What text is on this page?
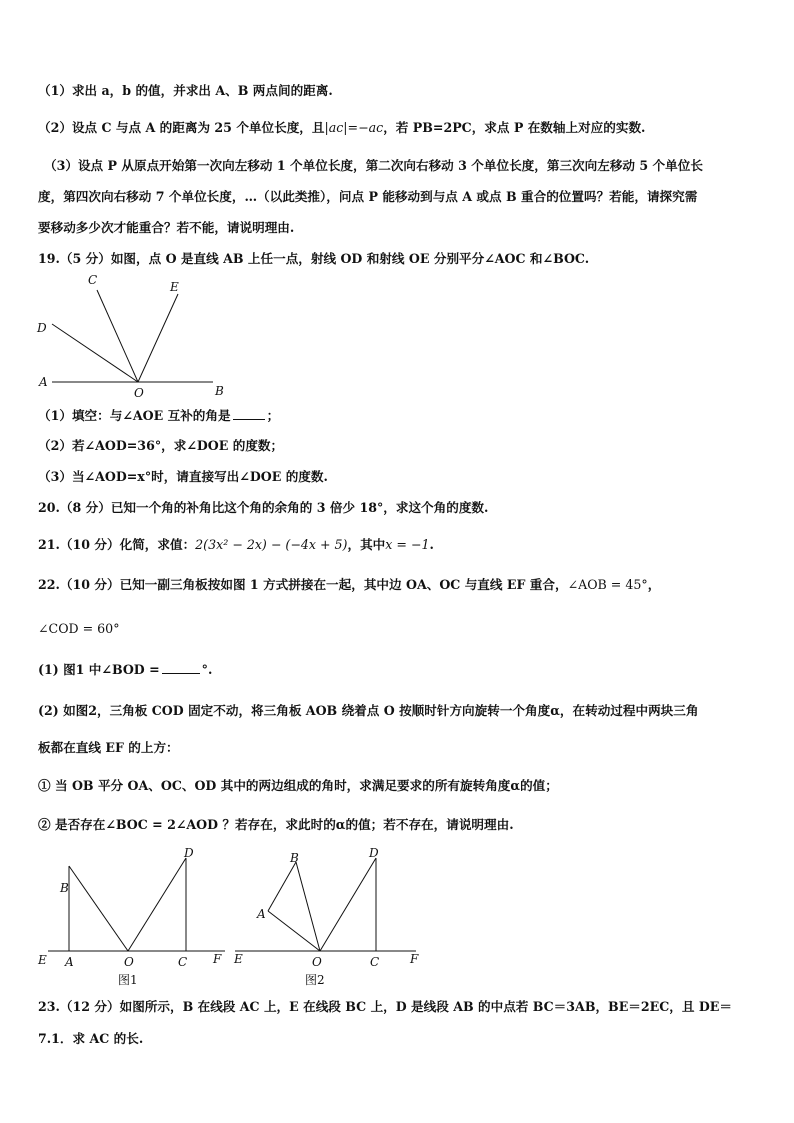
（1）求出 a，b 的值，并求出 A、B 两点间的距离.
（2）设点 C 与点 A 的距离为 25 个单位长度，且|ac|=−ac，若 PB=2PC，求点 P 在数轴上对应的实数.
（3）设点 P 从原点开始第一次向左移动 1 个单位长度，第二次向右移动 3 个单位长度，第三次向左移动 5 个单位长
度，第四次向右移动 7 个单位长度，…（以此类推），问点 P 能移动到与点 A 或点 B 重合的位置吗？若能，请探究需
要移动多少次才能重合？若不能，请说明理由.
19.（5 分）如图，点 O 是直线 AB 上任一点，射线 OD 和射线 OE 分别平分∠AOC 和∠BOC.
C	E
D
A
O	B
（1）填空：与∠AOE 互补的角是	；
（2）若∠AOD=36°，求∠DOE 的度数；
（3）当∠AOD=x°时，请直接写出∠DOE 的度数.
20.（8 分）已知一个角的补角比这个角的余角的 3 倍少 18°，求这个角的度数.
21.（10 分）化简，求值：2(3x² − 2x) − (−4x + 5)，其中x = −1.
22.（10 分）已知一副三角板按如图 1 方式拼接在一起，其中边 OA、OC 与直线 EF 重合，∠AOB = 45°，
∠COD = 60°
(1) 图1 中∠BOD =	°.
(2) 如图2，三角板 COD 固定不动，将三角板 AOB 绕着点 O 按顺时针方向旋转一个角度α，在转动过程中两块三角
板都在直线 EF 的上方：
① 当 OB 平分 OA、OC、OD 其中的两边组成的角时，求满足要求的所有旋转角度α的值；
② 是否存在∠BOC = 2∠AOD ？若存在，求此时的α的值；若不存在，请说明理由.
B
D
E A	O	C F
图1
B	D
A
E	O	C	F
图2
23.（12 分）如图所示，B 在线段 AC 上，E 在线段 BC 上，D 是线段 AB 的中点若 BC＝3AB，BE＝2EC，且 DE＝
7.1．求 AC 的长.
